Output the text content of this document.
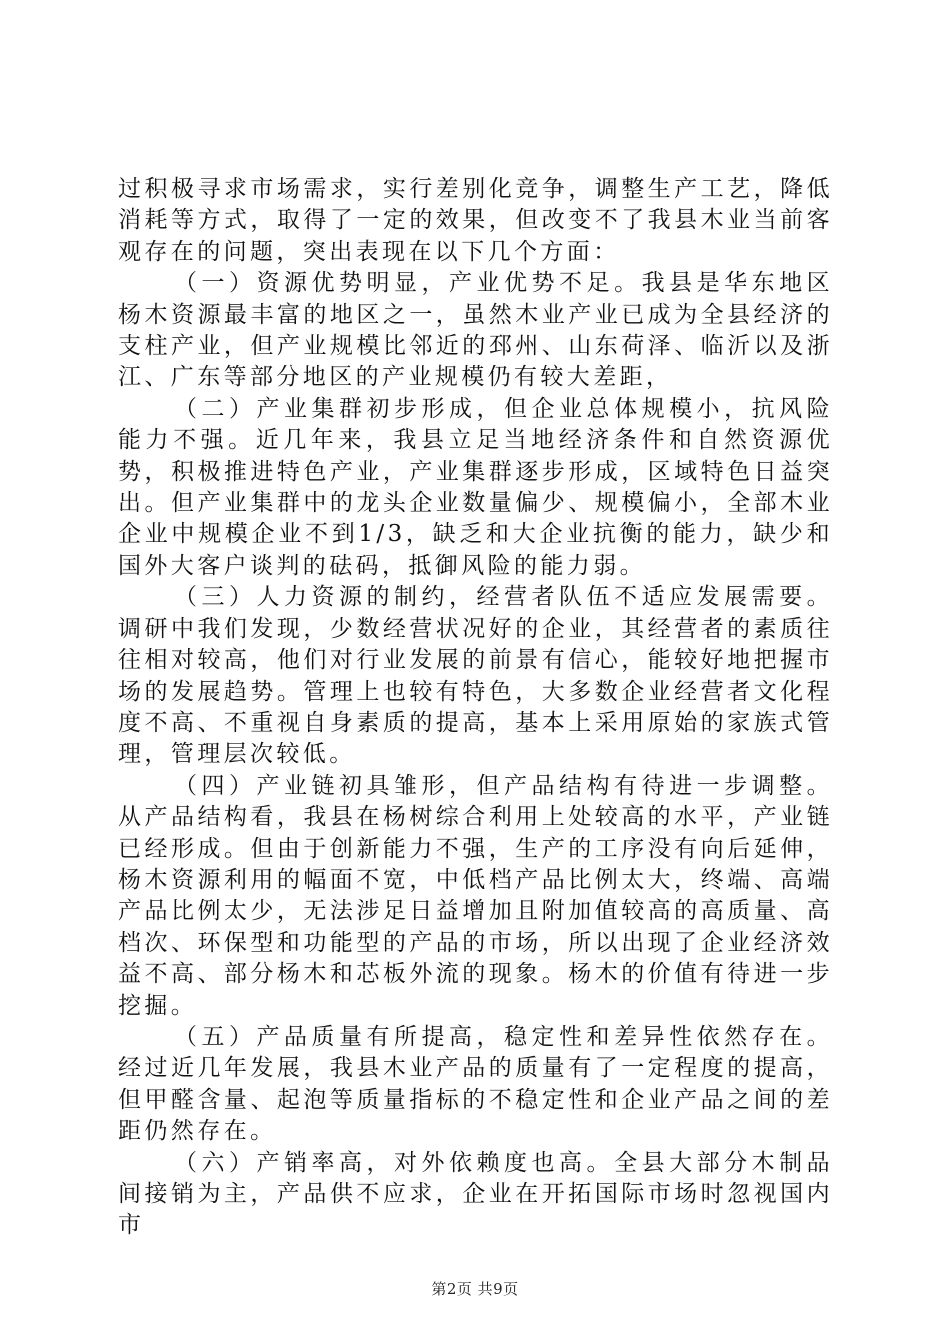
过积极寻求市场需求，实行差别化竞争，调整生产工艺，降低消耗等方式，取得了一定的效果，但改变不了我县木业当前客观存在的问题，突出表现在以下几个方面：

（一）资源优势明显，产业优势不足。我县是华东地区杨木资源最丰富的地区之一，虽然木业产业已成为全县经济的支柱产业，但产业规模比邻近的邳州、山东荷泽、临沂以及浙江、广东等部分地区的产业规模仍有较大差距，

（二）产业集群初步形成，但企业总体规模小，抗风险能力不强。近几年来，我县立足当地经济条件和自然资源优势，积极推进特色产业，产业集群逐步形成，区域特色日益突出。但产业集群中的龙头企业数量偏少、规模偏小，全部木业企业中规模企业不到1/3，缺乏和大企业抗衡的能力，缺少和国外大客户谈判的砝码，抵御风险的能力弱。

（三）人力资源的制约，经营者队伍不适应发展需要。调研中我们发现，少数经营状况好的企业，其经营者的素质往往相对较高，他们对行业发展的前景有信心，能较好地把握市场的发展趋势。管理上也较有特色，大多数企业经营者文化程度不高、不重视自身素质的提高，基本上采用原始的家族式管理，管理层次较低。

（四）产业链初具雏形，但产品结构有待进一步调整。从产品结构看，我县在杨树综合利用上处较高的水平，产业链已经形成。但由于创新能力不强，生产的工序没有向后延伸，杨木资源利用的幅面不宽，中低档产品比例太大，终端、高端产品比例太少，无法涉足日益增加且附加值较高的高质量、高档次、环保型和功能型的产品的市场，所以出现了企业经济效益不高、部分杨木和芯板外流的现象。杨木的价值有待进一步挖掘。

（五）产品质量有所提高，稳定性和差异性依然存在。经过近几年发展，我县木业产品的质量有了一定程度的提高，但甲醛含量、起泡等质量指标的不稳定性和企业产品之间的差距仍然存在。

（六）产销率高，对外依赖度也高。全县大部分木制品间接销为主，产品供不应求，企业在开拓国际市场时忽视国内市

第2页 共9页
